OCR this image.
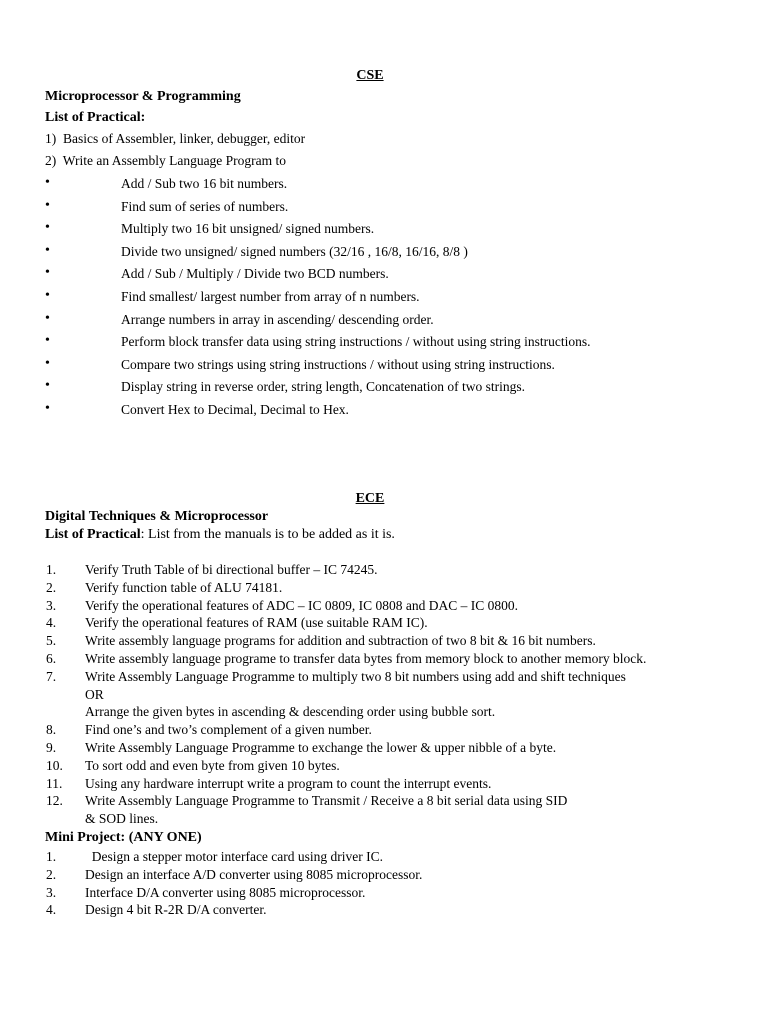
CSE
Microprocessor & Programming
List of Practical:
1) Basics of Assembler, linker, debugger, editor
2) Write an Assembly Language Program to
•	Add / Sub two 16 bit numbers.
•	Find sum of series of numbers.
•	Multiply two 16 bit unsigned/ signed numbers.
•	Divide two unsigned/ signed numbers (32/16 , 16/8, 16/16, 8/8 )
•	Add / Sub / Multiply / Divide two BCD numbers.
•	Find smallest/ largest number from array of n numbers.
•	Arrange numbers in array in ascending/ descending order.
•	Perform block transfer data using string instructions / without using string instructions.
•	Compare two strings using string instructions / without using string instructions.
•	Display string in reverse order, string length, Concatenation of two strings.
•	Convert Hex to Decimal, Decimal to Hex.
ECE
Digital Techniques & Microprocessor
List of Practical: List from the manuals is to be added as it is.
1. Verify Truth Table of bi directional buffer – IC 74245.
2. Verify function table of ALU 74181.
3. Verify the operational features of ADC – IC 0809, IC 0808 and DAC – IC 0800.
4. Verify the operational features of RAM (use suitable RAM IC).
5. Write assembly language programs for addition and subtraction of two 8 bit & 16 bit numbers.
6. Write assembly language programe to transfer data bytes from memory block to another memory block.
7. Write Assembly Language Programme to multiply two 8 bit numbers using add and shift techniques
OR
Arrange the given bytes in ascending & descending order using bubble sort.
8. Find one’s and two’s complement of a given number.
9. Write Assembly Language Programme to exchange the lower & upper nibble of a byte.
10. To sort odd and even byte from given 10 bytes.
11. Using any hardware interrupt write a program to count the interrupt events.
12. Write Assembly Language Programme to Transmit / Receive a 8 bit serial data using SID
& SOD lines.
Mini Project: (ANY ONE)
1. Design a stepper motor interface card using driver IC.
2. Design an interface A/D converter using 8085 microprocessor.
3. Interface D/A converter using 8085 microprocessor.
4. Design 4 bit R-2R D/A converter.
